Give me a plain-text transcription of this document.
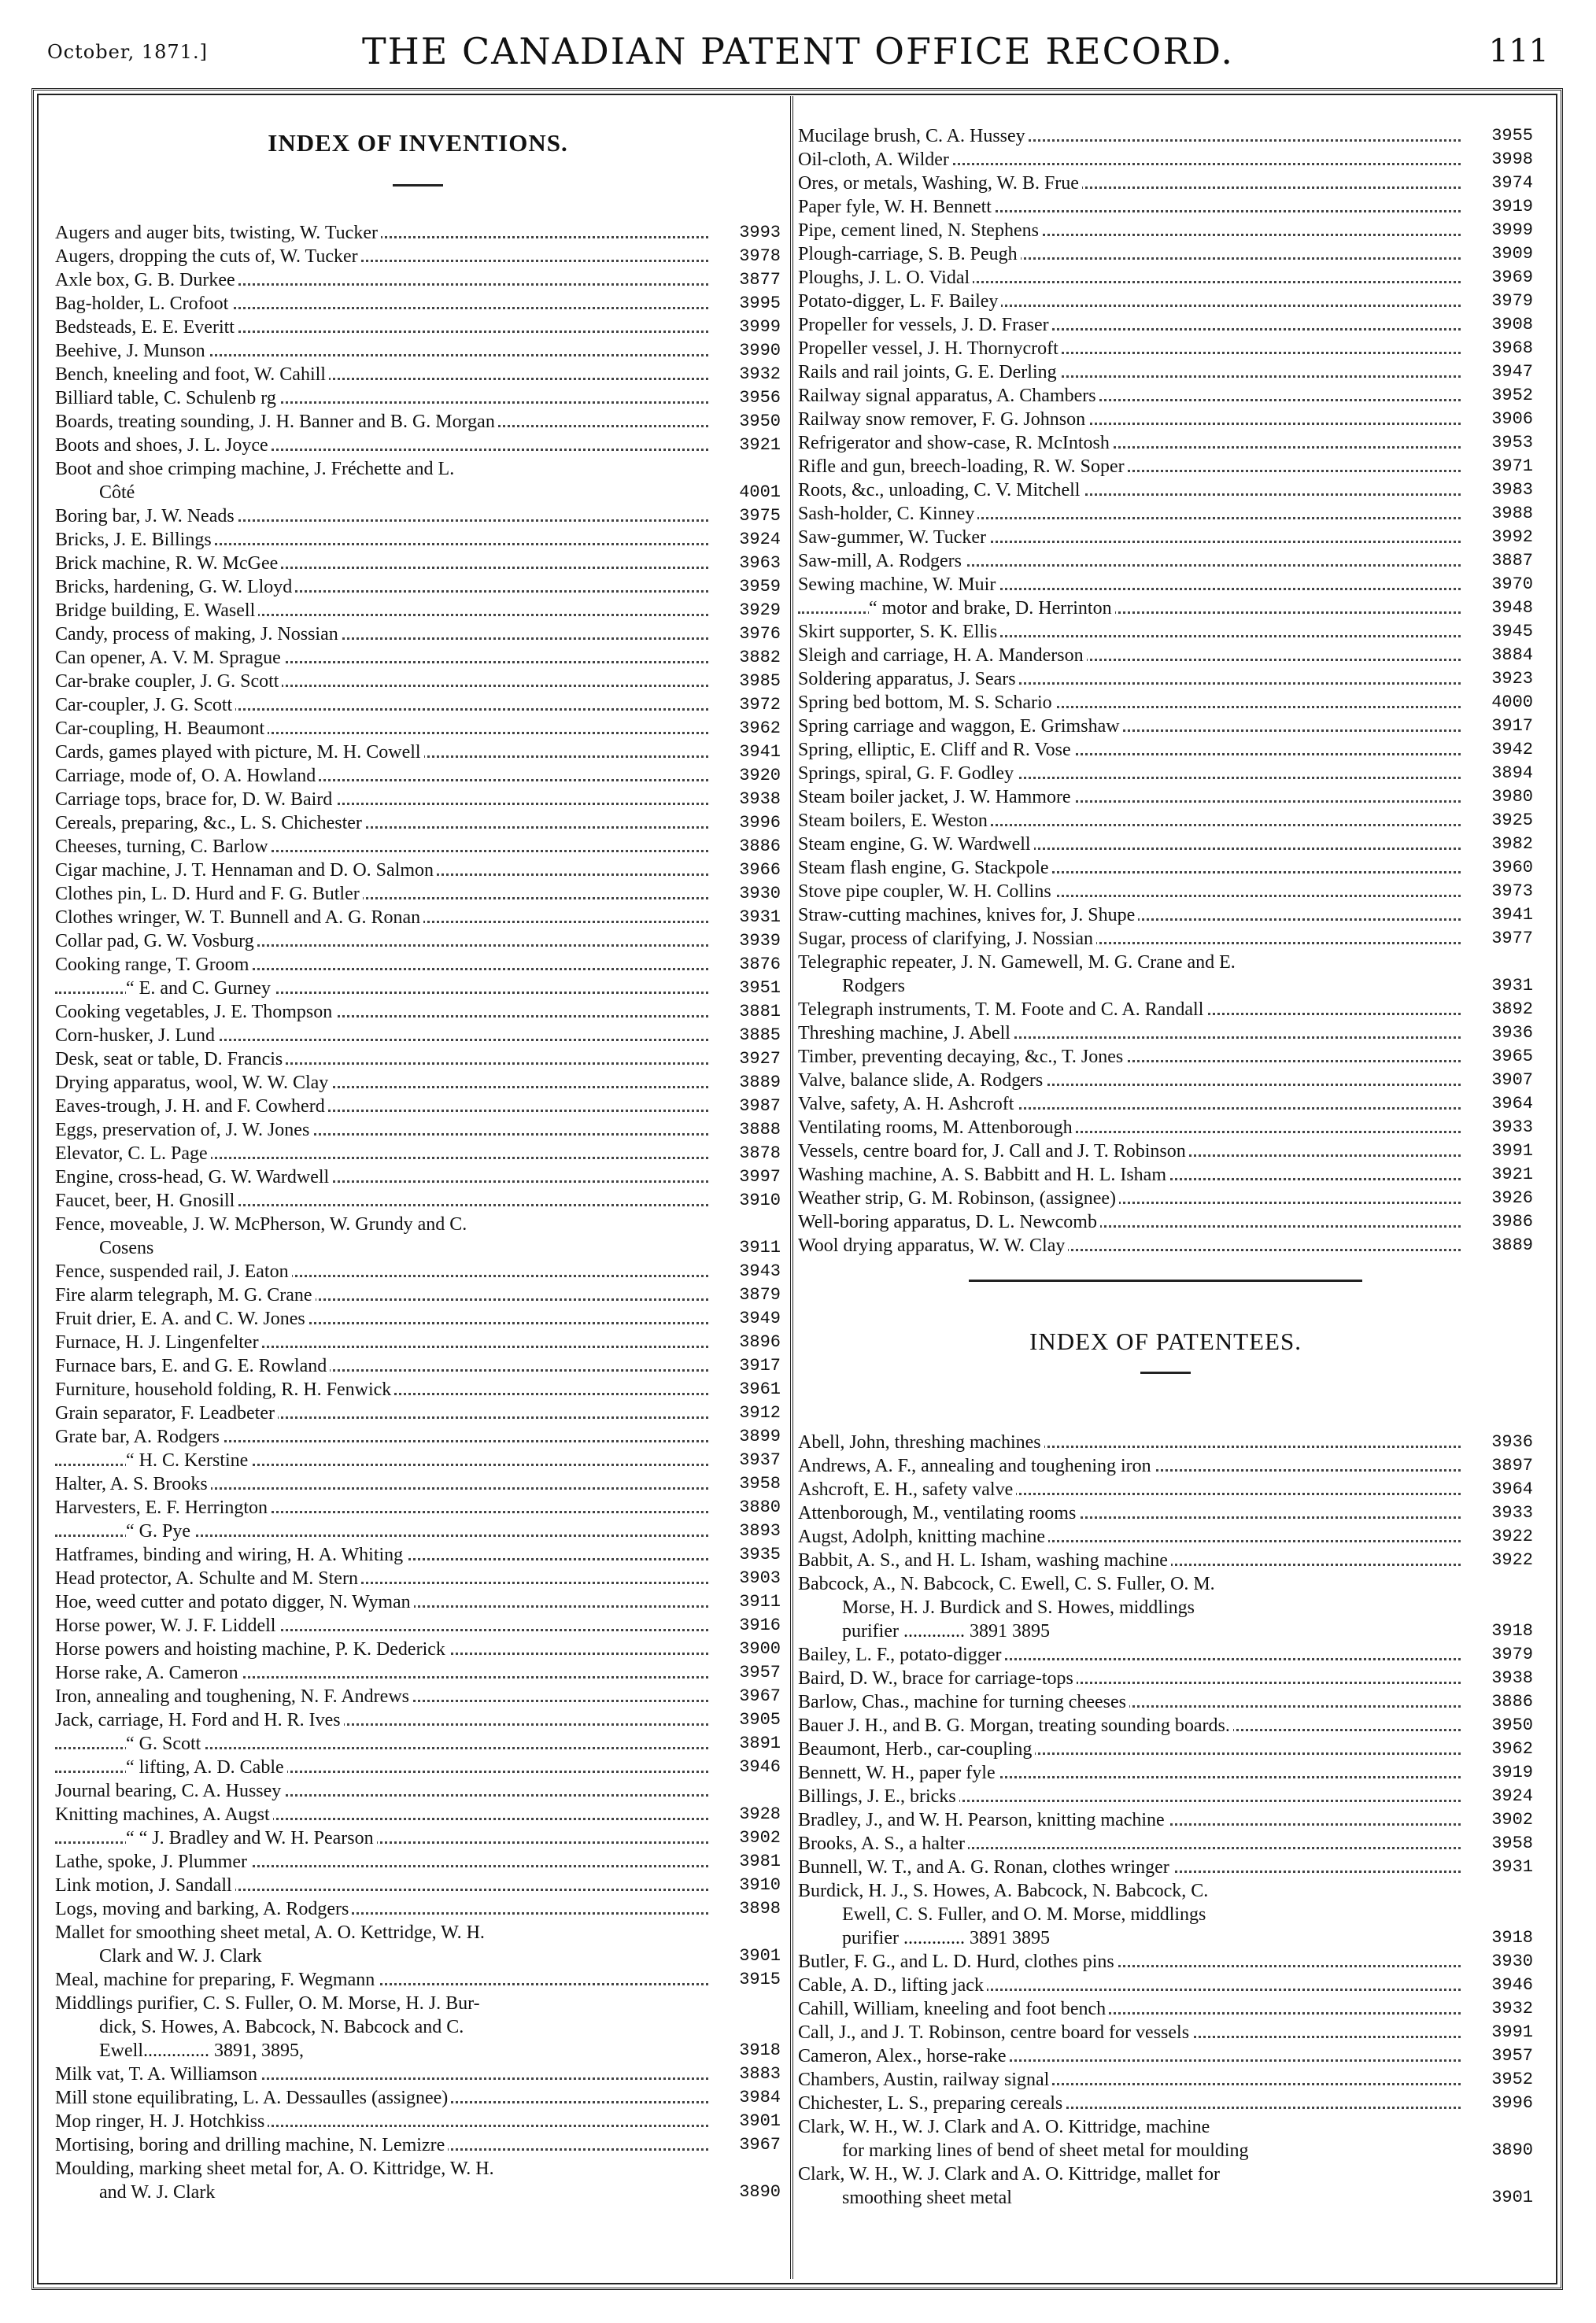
October, 1871.]	THE CANADIAN PATENT OFFICE RECORD.	111
INDEX OF INVENTIONS.
Augers and auger bits, twisting, W. Tucker	3993
Augers, dropping the cuts of, W. Tucker	3978
Axle box, G. B. Durkee	3877
Bag-holder, L. Crofoot	3995
Bedsteads, E. E. Everitt	3999
Beehive, J. Munson	3990
Bench, kneeling and foot, W. Cahill	3932
Billiard table, C. Schulenb rg	3956
Boards, treating sounding, J. H. Banner and B. G. Morgan	3950
Boots and shoes, J. L. Joyce	3921
Boot and shoe crimping machine, J. Fréchette and L.
Côté	4001
Boring bar, J. W. Neads	3975
Bricks, J. E. Billings	3924
Brick machine, R. W. McGee	3963
Bricks, hardening, G. W. Lloyd	3959
Bridge building, E. Wasell	3929
Candy, process of making, J. Nossian	3976
Can opener, A. V. M. Sprague	3882
Car-brake coupler, J. G. Scott	3985
Car-coupler, J. G. Scott	3972
Car-coupling, H. Beaumont	3962
Cards, games played with picture, M. H. Cowell	3941
Carriage, mode of, O. A. Howland	3920
Carriage tops, brace for, D. W. Baird	3938
Cereals, preparing, &c., L. S. Chichester	3996
Cheeses, turning, C. Barlow	3886
Cigar machine, J. T. Hennaman and D. O. Salmon	3966
Clothes pin, L. D. Hurd and F. G. Butler	3930
Clothes wringer, W. T. Bunnell and A. G. Ronan	3931
Collar pad, G. W. Vosburg	3939
Cooking range, T. Groom	3876
“ E. and C. Gurney	3951
Cooking vegetables, J. E. Thompson	3881
Corn-husker, J. Lund	3885
Desk, seat or table, D. Francis	3927
Drying apparatus, wool, W. W. Clay	3889
Eaves-trough, J. H. and F. Cowherd	3987
Eggs, preservation of, J. W. Jones	3888
Elevator, C. L. Page	3878
Engine, cross-head, G. W. Wardwell	3997
Faucet, beer, H. Gnosill	3910
Fence, moveable, J. W. McPherson, W. Grundy and C.
Cosens	3911
Fence, suspended rail, J. Eaton	3943
Fire alarm telegraph, M. G. Crane	3879
Fruit drier, E. A. and C. W. Jones	3949
Furnace, H. J. Lingenfelter	3896
Furnace bars, E. and G. E. Rowland	3917
Furniture, household folding, R. H. Fenwick	3961
Grain separator, F. Leadbeter	3912
Grate bar, A. Rodgers	3899
“ H. C. Kerstine	3937
Halter, A. S. Brooks	3958
Harvesters, E. F. Herrington	3880
“ G. Pye	3893
Hatframes, binding and wiring, H. A. Whiting	3935
Head protector, A. Schulte and M. Stern	3903
Hoe, weed cutter and potato digger, N. Wyman	3911
Horse power, W. J. F. Liddell	3916
Horse powers and hoisting machine, P. K. Dederick	3900
Horse rake, A. Cameron	3957
Iron, annealing and toughening, N. F. Andrews	3967
Jack, carriage, H. Ford and H. R. Ives	3905
“ G. Scott	3891
“ lifting, A. D. Cable	3946
Journal bearing, C. A. Hussey
Knitting machines, A. Augst	3928
“ “ J. Bradley and W. H. Pearson	3902
Lathe, spoke, J. Plummer	3981
Link motion, J. Sandall	3910
Logs, moving and barking, A. Rodgers	3898
Mallet for smoothing sheet metal, A. O. Kettridge, W. H.
Clark and W. J. Clark	3901
Meal, machine for preparing, F. Wegmann	3915
Middlings purifier, C. S. Fuller, O. M. Morse, H. J. Bur-
dick, S. Howes, A. Babcock, N. Babcock and C.
Ewell.............. 3891, 3895,	3918
Milk vat, T. A. Williamson	3883
Mill stone equilibrating, L. A. Dessaulles (assignee)	3984
Mop ringer, H. J. Hotchkiss	3901
Mortising, boring and drilling machine, N. Lemizre	3967
Moulding, marking sheet metal for, A. O. Kittridge, W. H.
and W. J. Clark	3890
Mucilage brush, C. A. Hussey	3955
Oil-cloth, A. Wilder	3998
Ores, or metals, Washing, W. B. Frue	3974
Paper fyle, W. H. Bennett	3919
Pipe, cement lined, N. Stephens	3999
Plough-carriage, S. B. Peugh	3909
Ploughs, J. L. O. Vidal	3969
Potato-digger, L. F. Bailey	3979
Propeller for vessels, J. D. Fraser	3908
Propeller vessel, J. H. Thornycroft	3968
Rails and rail joints, G. E. Derling	3947
Railway signal apparatus, A. Chambers	3952
Railway snow remover, F. G. Johnson	3906
Refrigerator and show-case, R. McIntosh	3953
Rifle and gun, breech-loading, R. W. Soper	3971
Roots, &c., unloading, C. V. Mitchell	3983
Sash-holder, C. Kinney	3988
Saw-gummer, W. Tucker	3992
Saw-mill, A. Rodgers	3887
Sewing machine, W. Muir	3970
“ motor and brake, D. Herrinton	3948
Skirt supporter, S. K. Ellis	3945
Sleigh and carriage, H. A. Manderson	3884
Soldering apparatus, J. Sears	3923
Spring bed bottom, M. S. Schario	4000
Spring carriage and waggon, E. Grimshaw	3917
Spring, elliptic, E. Cliff and R. Vose	3942
Springs, spiral, G. F. Godley	3894
Steam boiler jacket, J. W. Hammore	3980
Steam boilers, E. Weston	3925
Steam engine, G. W. Wardwell	3982
Steam flash engine, G. Stackpole	3960
Stove pipe coupler, W. H. Collins	3973
Straw-cutting machines, knives for, J. Shupe	3941
Sugar, process of clarifying, J. Nossian	3977
Telegraphic repeater, J. N. Gamewell, M. G. Crane and E.
Rodgers	3931
Telegraph instruments, T. M. Foote and C. A. Randall	3892
Threshing machine, J. Abell	3936
Timber, preventing decaying, &c., T. Jones	3965
Valve, balance slide, A. Rodgers	3907
Valve, safety, A. H. Ashcroft	3964
Ventilating rooms, M. Attenborough	3933
Vessels, centre board for, J. Call and J. T. Robinson	3991
Washing machine, A. S. Babbitt and H. L. Isham	3921
Weather strip, G. M. Robinson, (assignee)	3926
Well-boring apparatus, D. L. Newcomb	3986
Wool drying apparatus, W. W. Clay	3889
INDEX OF PATENTEES.
Abell, John, threshing machines	3936
Andrews, A. F., annealing and toughening iron	3897
Ashcroft, E. H., safety valve	3964
Attenborough, M., ventilating rooms	3933
Augst, Adolph, knitting machine	3922
Babbit, A. S., and H. L. Isham, washing machine	3922
Babcock, A., N. Babcock, C. Ewell, C. S. Fuller, O. M.
Morse, H. J. Burdick and S. Howes, middlings
purifier ............. 3891 3895	3918
Bailey, L. F., potato-digger	3979
Baird, D. W., brace for carriage-tops	3938
Barlow, Chas., machine for turning cheeses	3886
Bauer J. H., and B. G. Morgan, treating sounding boards.	3950
Beaumont, Herb., car-coupling	3962
Bennett, W. H., paper fyle	3919
Billings, J. E., bricks	3924
Bradley, J., and W. H. Pearson, knitting machine	3902
Brooks, A. S., a halter	3958
Bunnell, W. T., and A. G. Ronan, clothes wringer	3931
Burdick, H. J., S. Howes, A. Babcock, N. Babcock, C.
Ewell, C. S. Fuller, and O. M. Morse, middlings
purifier ............. 3891 3895	3918
Butler, F. G., and L. D. Hurd, clothes pins	3930
Cable, A. D., lifting jack	3946
Cahill, William, kneeling and foot bench	3932
Call, J., and J. T. Robinson, centre board for vessels	3991
Cameron, Alex., horse-rake	3957
Chambers, Austin, railway signal	3952
Chichester, L. S., preparing cereals	3996
Clark, W. H., W. J. Clark and A. O. Kittridge, machine
for marking lines of bend of sheet metal for moulding	3890
Clark, W. H., W. J. Clark and A. O. Kittridge, mallet for
smoothing sheet metal	3901
